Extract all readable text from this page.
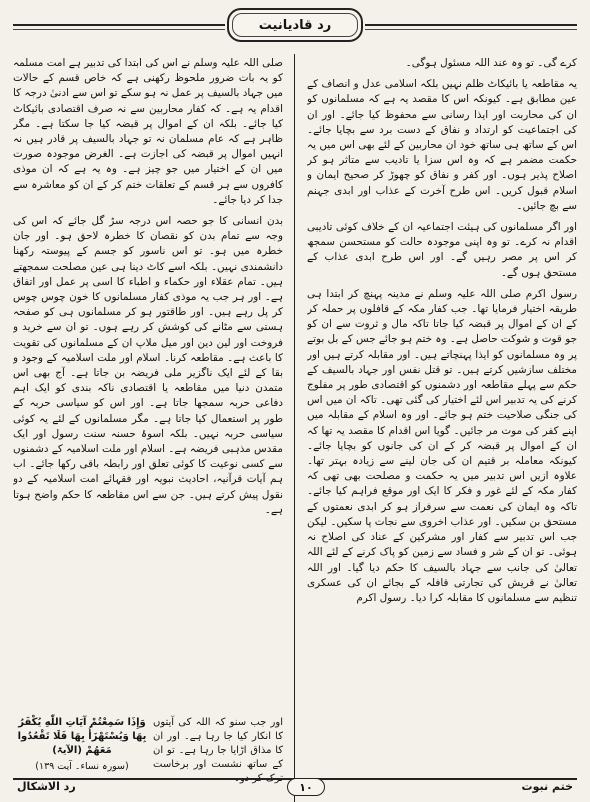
رد قادیانیت

کرے گی۔ تو وہ عند اللہ مسئول ہوگی۔

یہ مقاطعہ یا بائیکاٹ ظلم نہیں بلکہ اسلامی عدل و انصاف کے عین مطابق ہے۔ کیونکہ اس کا مقصد یہ ہے کہ مسلمانوں کو ان کی محاربت اور ایذا رسانی سے محفوظ کیا جائے۔ اور ان کی اجتماعیت کو ارتداد و نفاق کے دست برد سے بچایا جائے۔ اس کے ساتھ ہی ساتھ خود ان محاربین کے لئے بھی اس میں یہ حکمت مضمر ہے کہ وہ اس سزا یا تادیب سے متاثر ہو کر اصلاح پذیر ہوں۔ اور کفر و نفاق کو چھوڑ کر صحیح ایمان و اسلام قبول کریں۔ اس طرح آخرت کے عذاب اور ابدی جہنم سے بچ جائیں۔

اور اگر مسلمانوں کی ہیئت اجتماعیہ ان کے خلاف کوئی تادیبی اقدام نہ کرے۔ تو وہ اپنی موجودہ حالت کو مستحسن سمجھ کر اس پر مصر رہیں گے۔ اور اس طرح ابدی عذاب کے مستحق ہوں گے۔

رسول اکرم صلی اللہ علیہ وسلم نے مدینہ پہنچ کر ابتدا ہی طریقہ اختیار فرمایا تھا۔ جب کفار مکہ کے قافلوں پر حملہ کر کے ان کے اموال پر قبضہ کیا جاتا تاکہ مال و ثروت سے ان کو جو قوت و شوکت حاصل ہے۔ وہ ختم ہو جائے جس کے بل بوتے پر وہ مسلمانوں کو ایذا پہنچاتے ہیں۔ اور مقابلہ کرتے ہیں اور مختلف سازشیں کرتے ہیں۔ تو قتل نفس اور جہاد بالسیف کے حکم سے پہلے مقاطعہ اور دشمنوں کو اقتصادی طور پر مفلوج کرنے کی یہ تدبیر اس لئے اختیار کی گئی تھی۔ تاکہ ان میں اس کی جنگی صلاحیت ختم ہو جائے۔ اور وہ اسلام کے مقابلہ میں اپنے کفر کی موت مر جائیں۔ گویا اس اقدام کا مقصد یہ تھا کہ ان کے اموال پر قبضہ کر کے ان کی جانوں کو بچایا جائے۔ کیونکہ معاملہ بر قتیم ان کی جان لینے سے زیادہ بہتر تھا۔ علاوہ ازیں اس تدبیر میں یہ حکمت و مصلحت بھی تھی کہ کفار مکہ کے لئے غور و فکر کا ایک اور موقع فراہم کیا جائے۔ تاکہ وہ ایمان کی نعمت سے سرفراز ہو کر ابدی نعمتوں کے مستحق بن سکیں۔ اور عذاب اخروی سے نجات پا سکیں۔ لیکن جب اس تدبیر سے کفار اور مشرکین کے عناد کی اصلاح نہ ہوئی۔ تو ان کے شر و فساد سے زمین کو پاک کرنے کے لئے اللہ تعالیٰ کی جانب سے جہاد بالسیف کا حکم دیا گیا۔ اور اللہ تعالیٰ نے قریش کی تجارتی قافلہ کے بجائے ان کی عسکری تنظیم سے مسلمانوں کا مقابلہ کرا دیا۔ رسول اکرم

صلی اللہ علیہ وسلم نے اس کی ابتدا کی تدبیر ہے امت مسلمہ کو یہ بات ضرور ملحوظ رکھنی ہے کہ خاص قسم کے حالات میں جہاد بالسیف پر عمل نہ ہو سکے تو اس سے ادنیٰ درجہ کا اقدام یہ ہے۔ کہ کفار محاربین سے نہ صرف اقتصادی بائیکاٹ کیا جائے۔ بلکہ ان کے اموال پر قبضہ کیا جا سکتا ہے۔ مگر ظاہر ہے کہ عام مسلمان نہ تو جہاد بالسیف پر قادر ہیں نہ انہیں اموال پر قبضہ کی اجازت ہے۔ الغرض موجودہ صورت میں ان کے اختیار میں جو چیز ہے۔ وہ یہ ہے کہ ان موذی کافروں سے ہر قسم کے تعلقات ختم کر کے ان کو معاشرہ سے جدا کر دیا جائے۔

بدن انسانی کا جو حصہ اس درجہ سڑ گل جائے کہ اس کی وجہ سے تمام بدن کو نقصان کا خطرہ لاحق ہو۔ اور جان خطرہ میں ہو۔ تو اس ناسور کو جسم کے پیوستہ رکھنا دانشمندی نہیں۔ بلکہ اسے کاٹ دینا ہی عین مصلحت سمجھتے ہیں۔ تمام عقلاء اور حکماء و اطباء کا اسی پر عمل اور اتفاق ہے۔ اور ہر جب یہ موذی کفار مسلمانوں کا خون چوس چوس کر پل رہے ہیں۔ اور طاقتور ہو کر مسلمانوں ہی کو صفحہ ہستی سے مٹانے کی کوشش کر رہے ہوں۔ تو ان سے خرید و فروخت اور لین دین اور میل ملاپ ان کے مسلمانوں کی تقویت کا باعث ہے۔ مقاطعہ کرنا۔ اسلام اور ملت اسلامیہ کے وجود و بقا کے لئے ایک ناگزیر ملی فریضہ بن جاتا ہے۔ آج بھی اس متمدن دنیا میں مقاطعہ یا اقتصادی ناکہ بندی کو ایک اہم دفاعی حربہ سمجھا جاتا ہے۔ اور اس کو سیاسی حربہ کے طور پر استعمال کیا جاتا ہے۔ مگر مسلمانوں کے لئے یہ کوئی سیاسی حربہ نہیں۔ بلکہ اسوۂ حسنہ سنت رسول اور ایک مقدس مذہبی فریضہ ہے۔ اسلام اور ملت اسلامیہ کے دشمنوں سے کسی نوعیت کا کوئی تعلق اور رابطہ باقی رکھا جائے۔ اب ہم آیات قرآنیہ، احادیث نبویہ اور فقہائے امت اسلامیہ کے دو نقول پیش کرتے ہیں۔ جن سے اس مقاطعہ کا حکم واضح ہوتا ہے۔

وَإِذَا سَمِعْتُمْ آيَاتِ اللّٰهِ يُكْفَرُ بِهَا وَيُسْتَهْزَأُ بِهَا فَلَا تَقْعُدُوا مَعَهُمْ (الآیۃ)
اور جب سنو کہ اللہ کی آیتوں کا انکار کیا جا رہا ہے۔ اور ان کا مذاق اڑایا جا رہا ہے۔ تو ان کے ساتھ نشست اور برخاست
(سورہ نساء۔ آیت ۱۳۹)
ختم نبوت
۱۰
رد الاشکال
